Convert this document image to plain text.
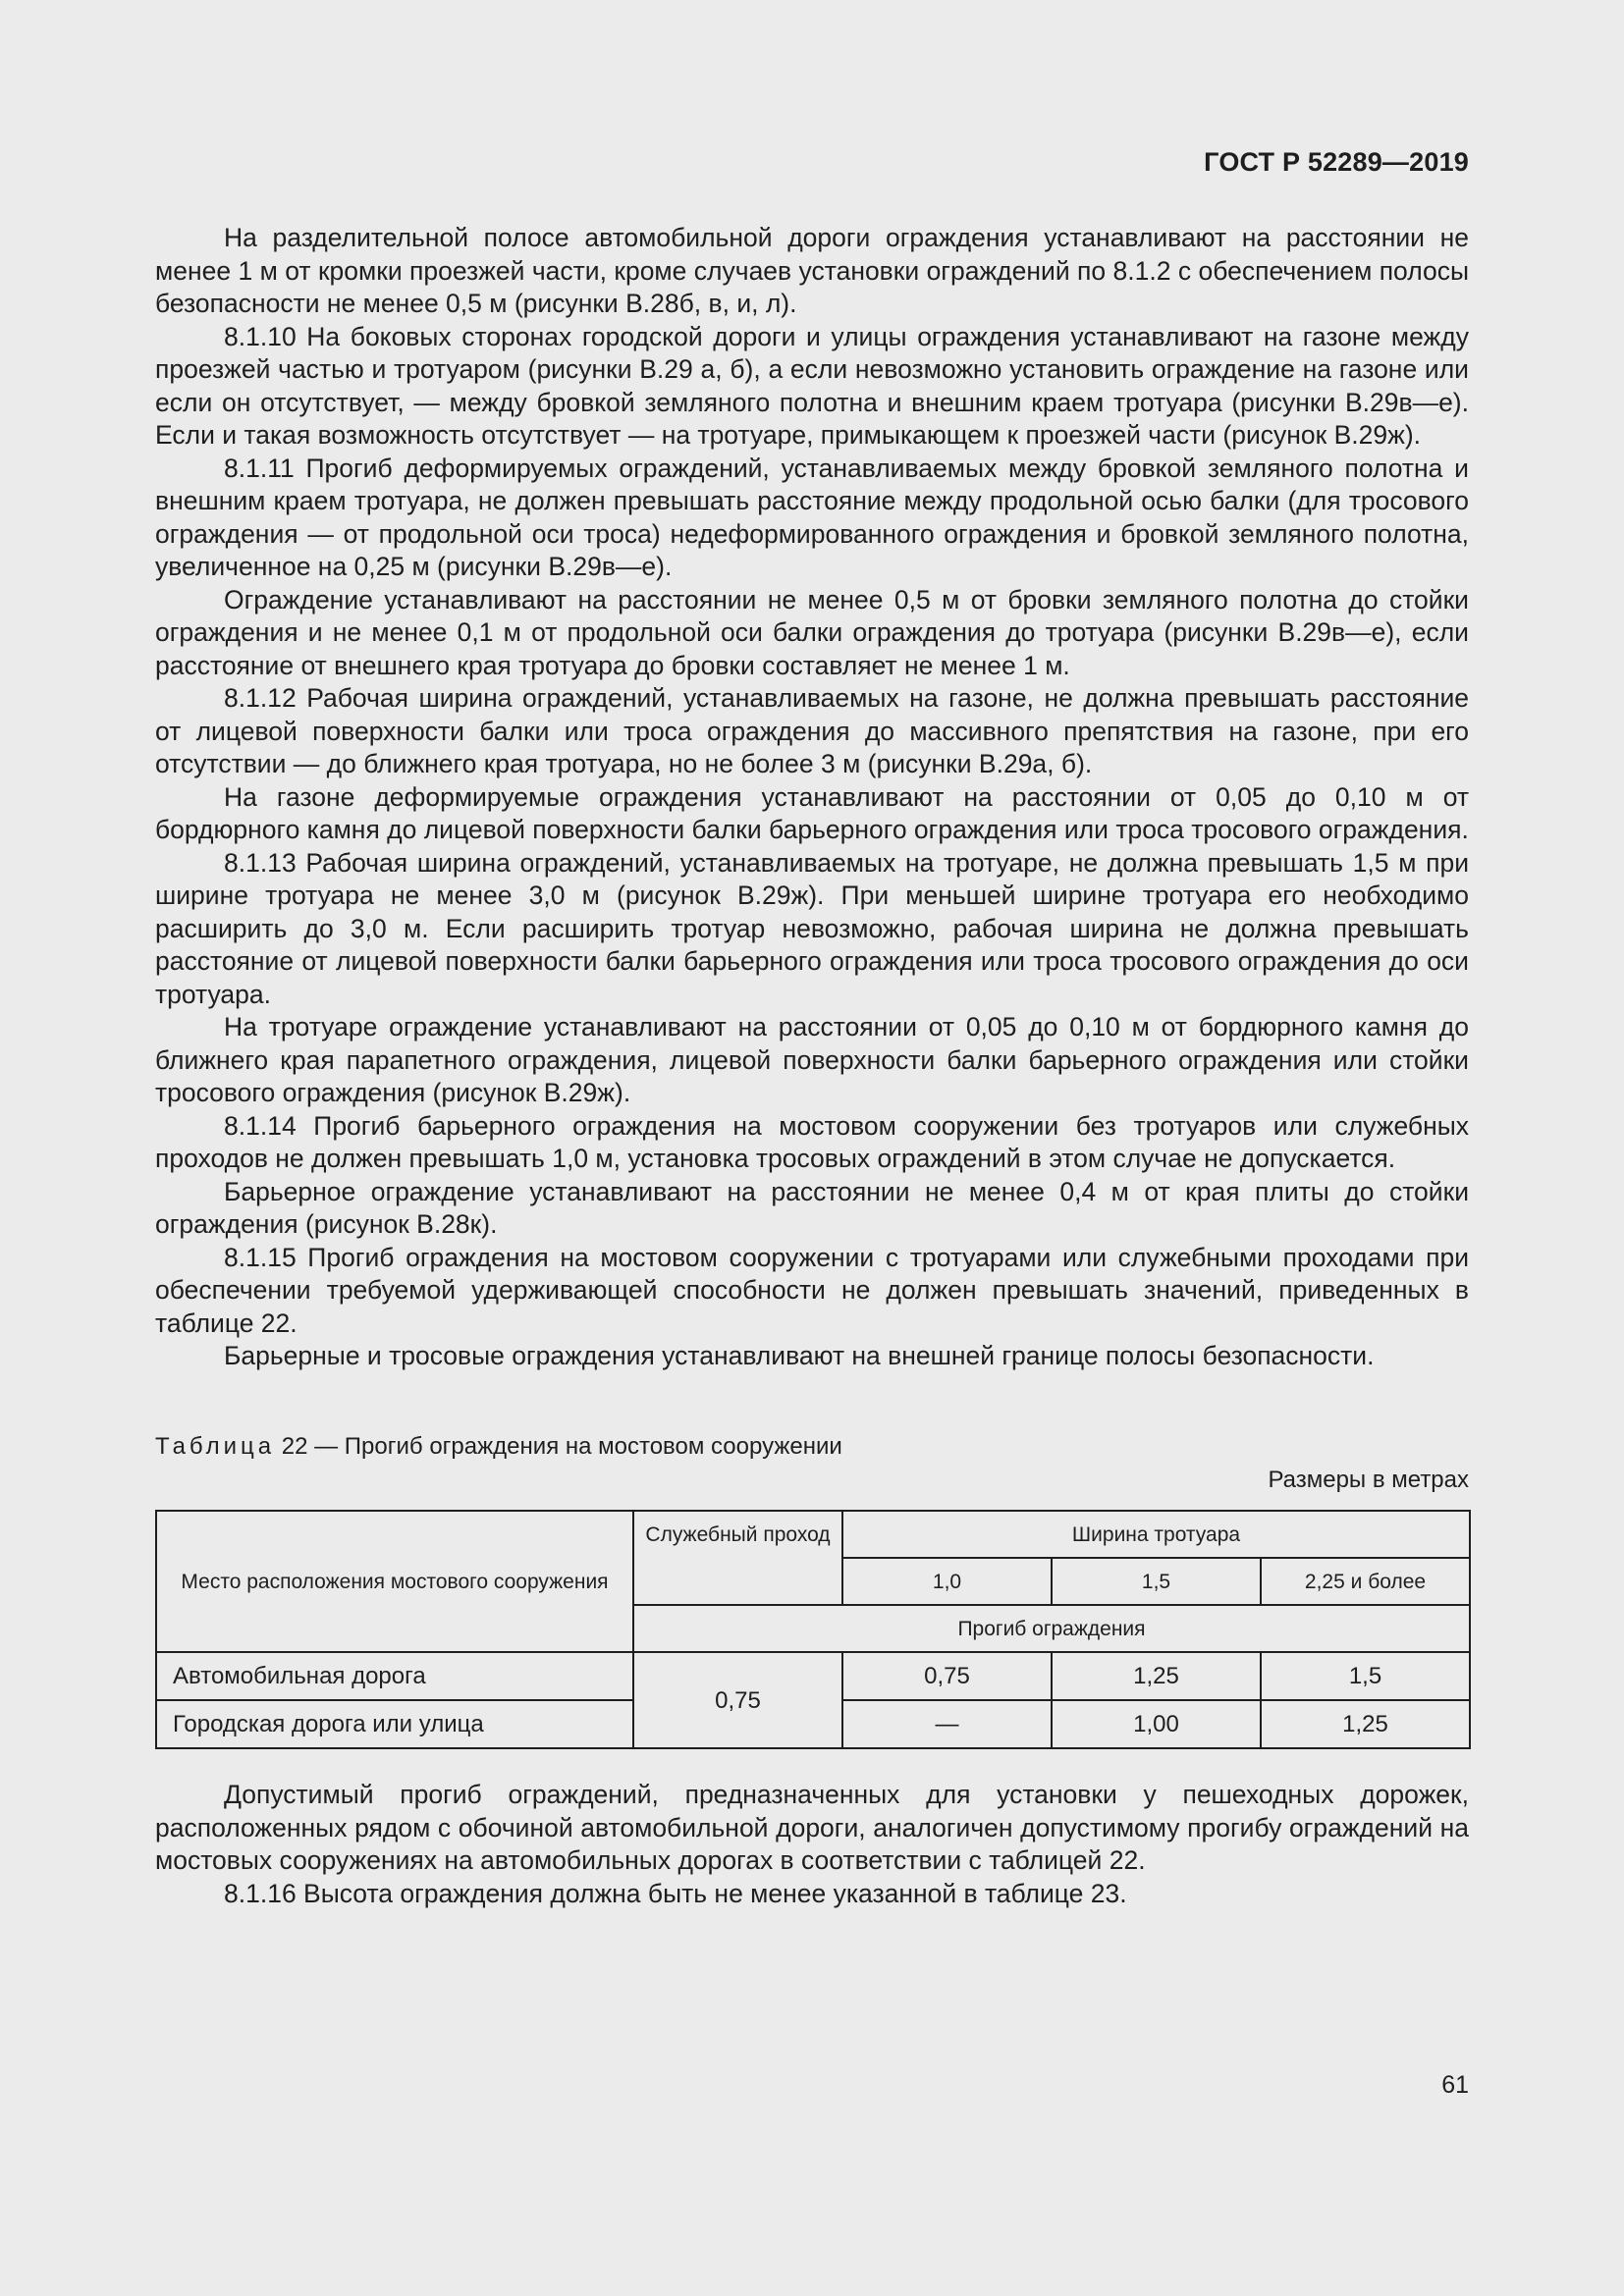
ГОСТ Р 52289—2019

На разделительной полосе автомобильной дороги ограждения устанавливают на расстоянии не менее 1 м от кромки проезжей части, кроме случаев установки ограждений по 8.1.2 с обеспечением полосы безопасности не менее 0,5 м (рисунки В.28б, в, и, л).

8.1.10 На боковых сторонах городской дороги и улицы ограждения устанавливают на газоне между проезжей частью и тротуаром (рисунки В.29 а, б), а если невозможно установить ограждение на газоне или если он отсутствует, — между бровкой земляного полотна и внешним краем тротуара (рисунки В.29в—е). Если и такая возможность отсутствует — на тротуаре, примыкающем к проезжей части (рисунок В.29ж).

8.1.11 Прогиб деформируемых ограждений, устанавливаемых между бровкой земляного полотна и внешним краем тротуара, не должен превышать расстояние между продольной осью балки (для тросового ограждения — от продольной оси троса) недеформированного ограждения и бровкой земляного полотна, увеличенное на 0,25 м (рисунки В.29в—е).

Ограждение устанавливают на расстоянии не менее 0,5 м от бровки земляного полотна до стойки ограждения и не менее 0,1 м от продольной оси балки ограждения до тротуара (рисунки В.29в—е), если расстояние от внешнего края тротуара до бровки составляет не менее 1 м.

8.1.12 Рабочая ширина ограждений, устанавливаемых на газоне, не должна превышать расстояние от лицевой поверхности балки или троса ограждения до массивного препятствия на газоне, при его отсутствии — до ближнего края тротуара, но не более 3 м (рисунки В.29а, б).

На газоне деформируемые ограждения устанавливают на расстоянии от 0,05 до 0,10 м от бордюрного камня до лицевой поверхности балки барьерного ограждения или троса тросового ограждения.

8.1.13 Рабочая ширина ограждений, устанавливаемых на тротуаре, не должна превышать 1,5 м при ширине тротуара не менее 3,0 м (рисунок В.29ж). При меньшей ширине тротуара его необходимо расширить до 3,0 м. Если расширить тротуар невозможно, рабочая ширина не должна превышать расстояние от лицевой поверхности балки барьерного ограждения или троса тросового ограждения до оси тротуара.

На тротуаре ограждение устанавливают на расстоянии от 0,05 до 0,10 м от бордюрного камня до ближнего края парапетного ограждения, лицевой поверхности балки барьерного ограждения или стойки тросового ограждения (рисунок В.29ж).

8.1.14 Прогиб барьерного ограждения на мостовом сооружении без тротуаров или служебных проходов не должен превышать 1,0 м, установка тросовых ограждений в этом случае не допускается.

Барьерное ограждение устанавливают на расстоянии не менее 0,4 м от края плиты до стойки ограждения (рисунок В.28к).

8.1.15 Прогиб ограждения на мостовом сооружении с тротуарами или служебными проходами при обеспечении требуемой удерживающей способности не должен превышать значений, приведенных в таблице 22.

Барьерные и тросовые ограждения устанавливают на внешней границе полосы безопасности.

Таблица 22 — Прогиб ограждения на мостовом сооружении
Размеры в метрах
Место расположения мостового сооружения	Служебный проход	Ширина тротуара		
		1,0	1,5	2,25 и более
	Прогиб ограждения			
Автомобильная дорога	0,75	0,75	1,25	1,5
Городская дорога или улица		—	1,00	1,25

Допустимый прогиб ограждений, предназначенных для установки у пешеходных дорожек, расположенных рядом с обочиной автомобильной дороги, аналогичен допустимому прогибу ограждений на мостовых сооружениях на автомобильных дорогах в соответствии с таблицей 22.

8.1.16 Высота ограждения должна быть не менее указанной в таблице 23.

61
